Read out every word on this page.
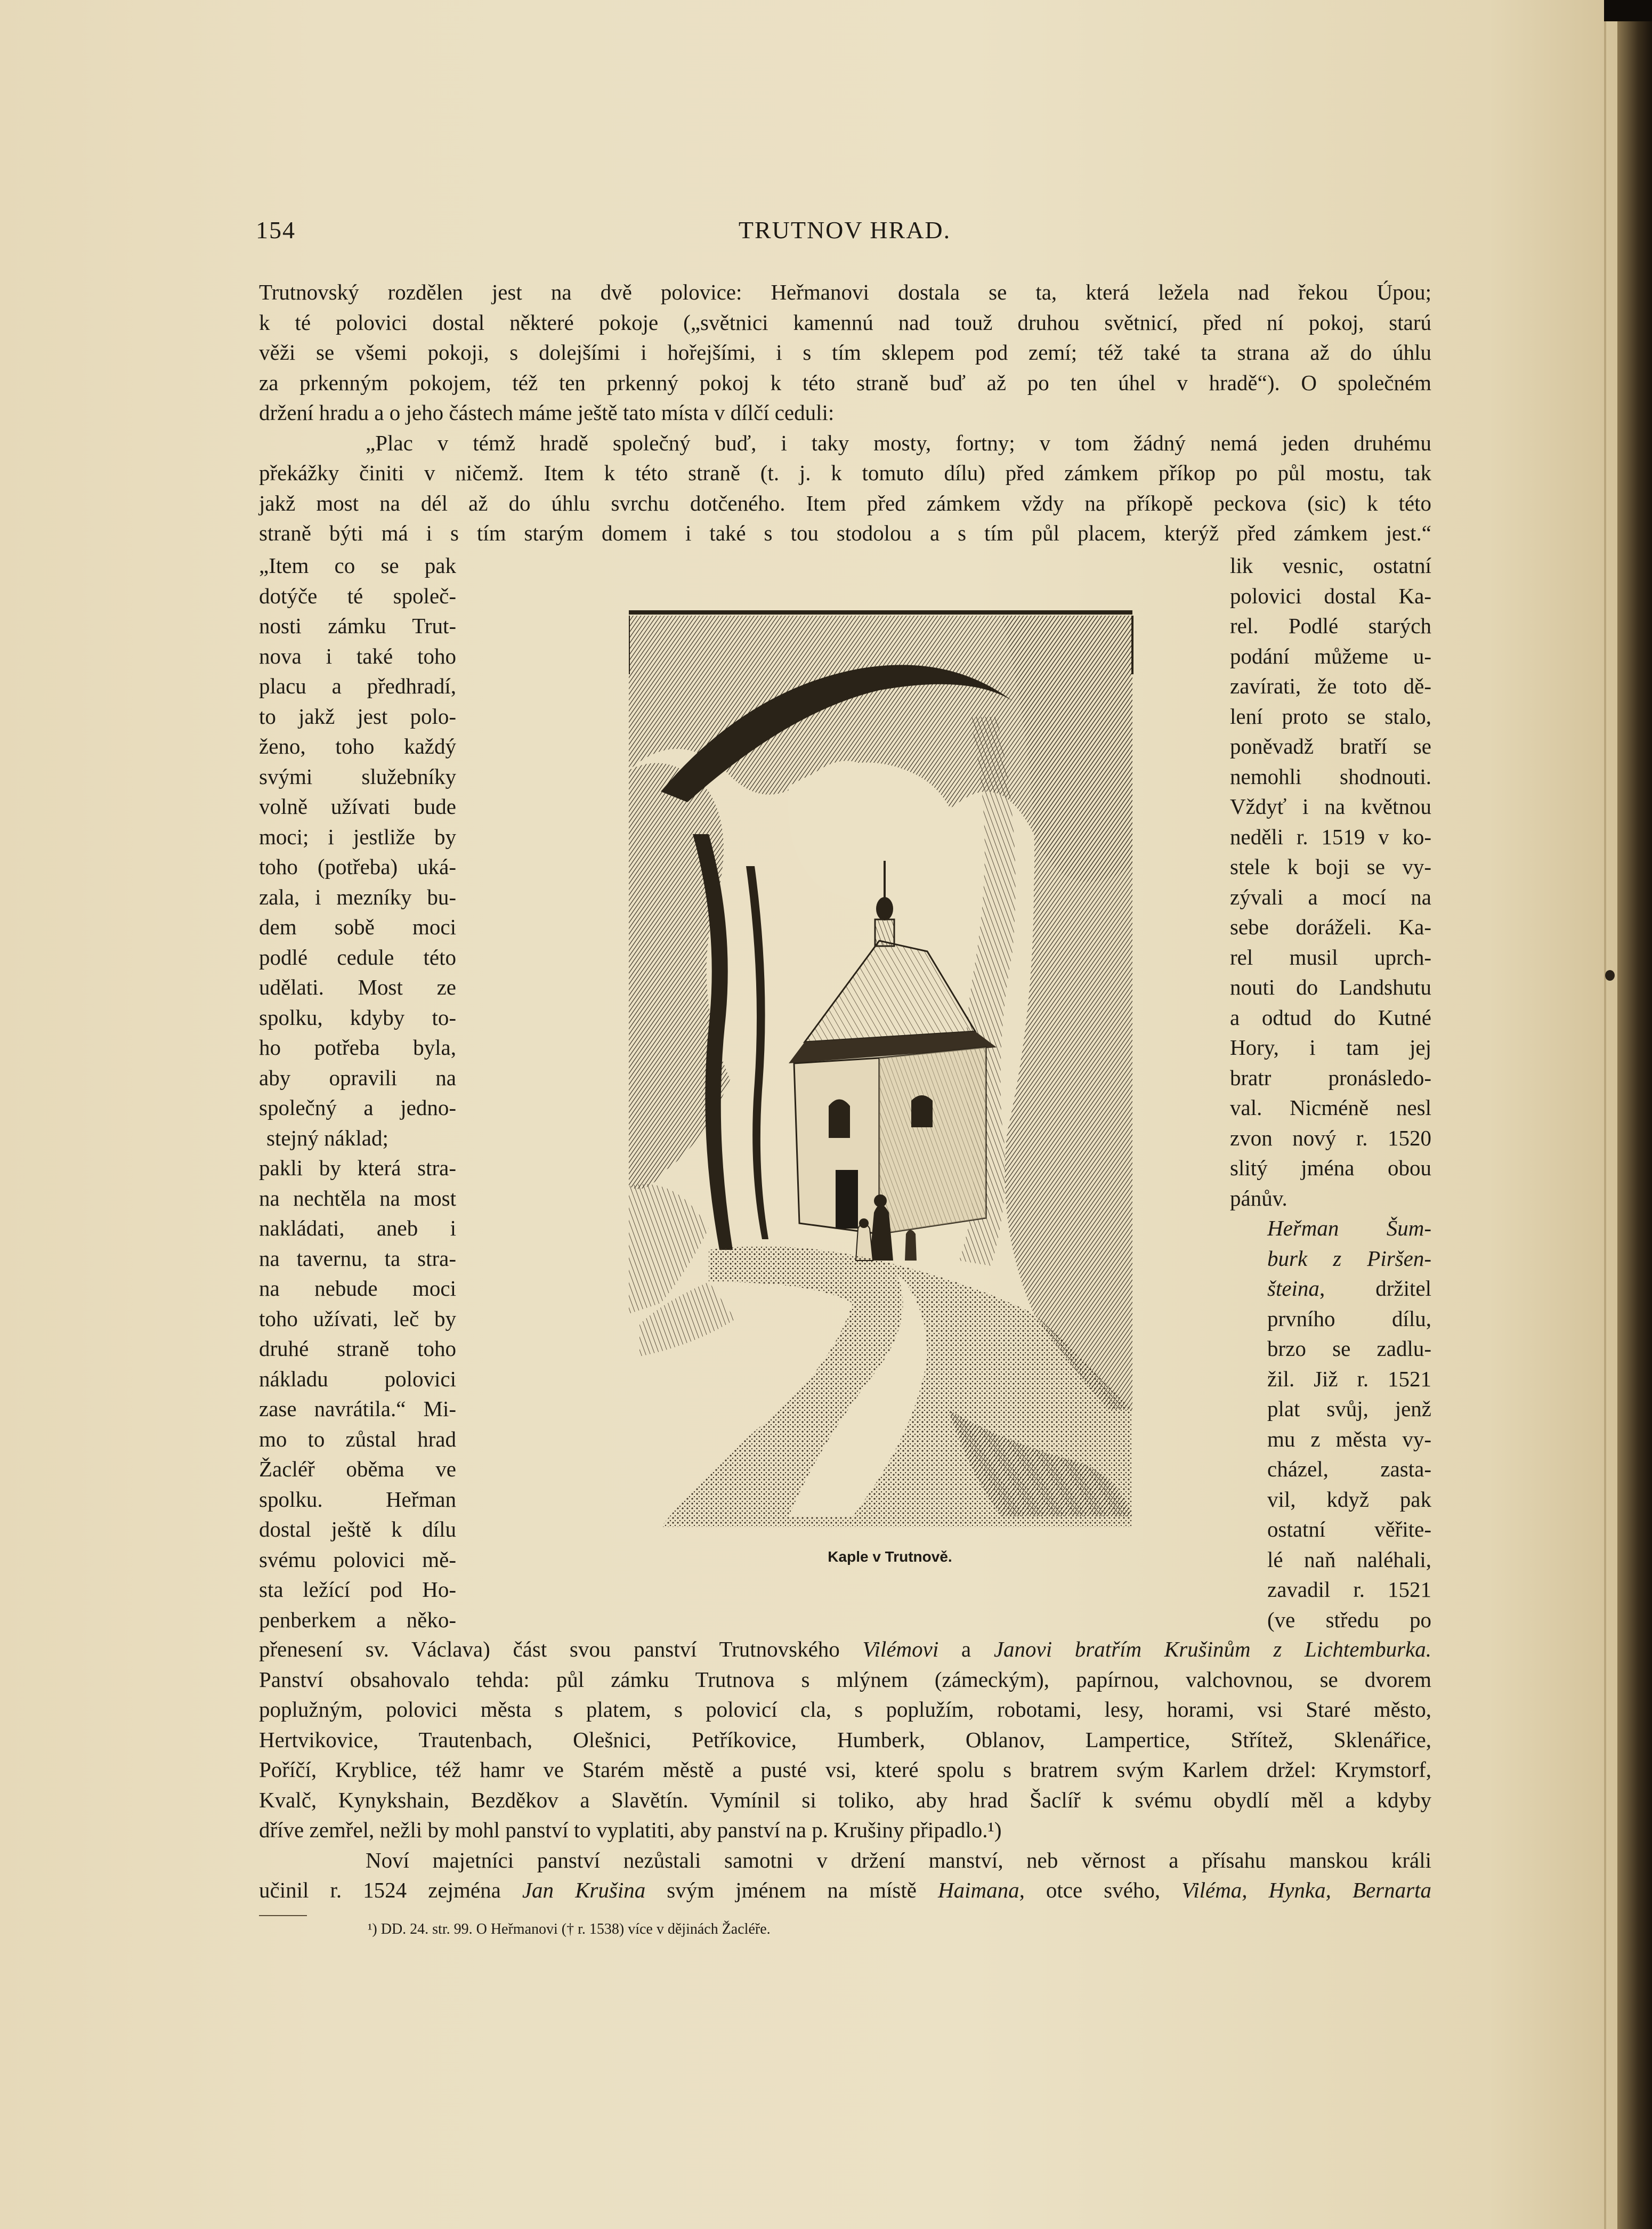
154	TRUTNOV HRAD.
Trutnovský rozdělen jest na dvě polovice: Heřmanovi dostala se ta, která ležela nad řekou Úpou;
k té polovici dostal některé pokoje („světnici kamennú nad touž druhou světnicí, před ní pokoj, starú
věži se všemi pokoji, s dolejšími i hořejšími, i s tím sklepem pod zemí; též také ta strana až do úhlu
za prkenným pokojem, též ten prkenný pokoj k této straně buď až po ten úhel v hradě“). O společném
držení hradu a o jeho částech máme ještě tato místa v dílčí ceduli:
„Plac v témž hradě společný buď, i taky mosty, fortny; v tom žádný nemá jeden druhému
překážky činiti v ničemž. Item k této straně (t. j. k tomuto dílu) před zámkem příkop po půl mostu, tak
jakž most na dél až do úhlu svrchu dotčeného. Item před zámkem vždy na příkopě peckova (sic) k této
straně býti má i s tím starým domem i také s tou stodolou a s tím půl placem, kterýž před zámkem jest.“
„Item co se pak
dotýče té společ-
nosti zámku Trut-
nova i také toho
placu a předhradí,
to jakž jest polo-
ženo, toho každý
svými služebníky
volně užívati bude
moci; i jestliže by
toho (potřeba) uká-
zala, i mezníky bu-
dem sobě moci
podlé cedule této
udělati. Most ze
spolku, kdyby to-
ho potřeba byla,
aby opravili na
společný a jedno-
stejný náklad;
pakli by která stra-
na nechtěla na most
nakládati, aneb i
na tavernu, ta stra-
na nebude moci
toho užívati, leč by
druhé straně toho
nákladu polovici
zase navrátila.“ Mi-
mo to zůstal hrad
Žacléř oběma ve
spolku. Heřman
dostal ještě k dílu
svému polovici mě-
sta ležící pod Ho-
penberkem a něko-
lik vesnic, ostatní
polovici dostal Ka-
rel. Podlé starých
podání můžeme u-
zavírati, že toto dě-
lení proto se stalo,
poněvadž bratří se
nemohli shodnouti.
Vždyť i na květnou
neděli r. 1519 v ko-
stele k boji se vy-
zývali a mocí na
sebe doráželi. Ka-
rel musil uprch-
nouti do Landshutu
a odtud do Kutné
Hory, i tam jej
bratr pronásledo-
val. Nicméně nesl
zvon nový r. 1520
slitý jména obou
pánův.
Heřman Šum-
burk z Piršen-
šteina, držitel
prvního dílu,
brzo se zadlu-
žil. Již r. 1521
plat svůj, jenž
mu z města vy-
cházel, zasta-
vil, když pak
ostatní věřite-
lé naň naléhali,
zavadil r. 1521
(ve středu po
Kaple v Trutnově.
přenesení sv. Václava) část svou panství Trutnovského Vilémovi a Janovi bratřím Krušinům z Lichtemburka.
Panství obsahovalo tehda: půl zámku Trutnova s mlýnem (zámeckým), papírnou, valchovnou, se dvorem
poplužným, polovici města s platem, s polovicí cla, s poplužím, robotami, lesy, horami, vsi Staré město,
Hertvikovice, Trautenbach, Olešnici, Petříkovice, Humberk, Oblanov, Lampertice, Střítež, Sklenářice,
Poříčí, Kryblice, též hamr ve Starém městě a pusté vsi, které spolu s bratrem svým Karlem držel: Krymstorf,
Kvalč, Kynykshain, Bezděkov a Slavětín. Vymínil si toliko, aby hrad Šaclíř k svému obydlí měl a kdyby
dříve zemřel, nežli by mohl panství to vyplatiti, aby panství na p. Krušiny připadlo.¹)
Noví majetníci panství nezůstali samotni v držení manství, neb věrnost a přísahu manskou králi
učinil r. 1524 zejména Jan Krušina svým jménem na místě Haimana, otce svého, Viléma, Hynka, Bernarta
¹) DD. 24. str. 99. O Heřmanovi († r. 1538) více v dějinách Žacléře.
